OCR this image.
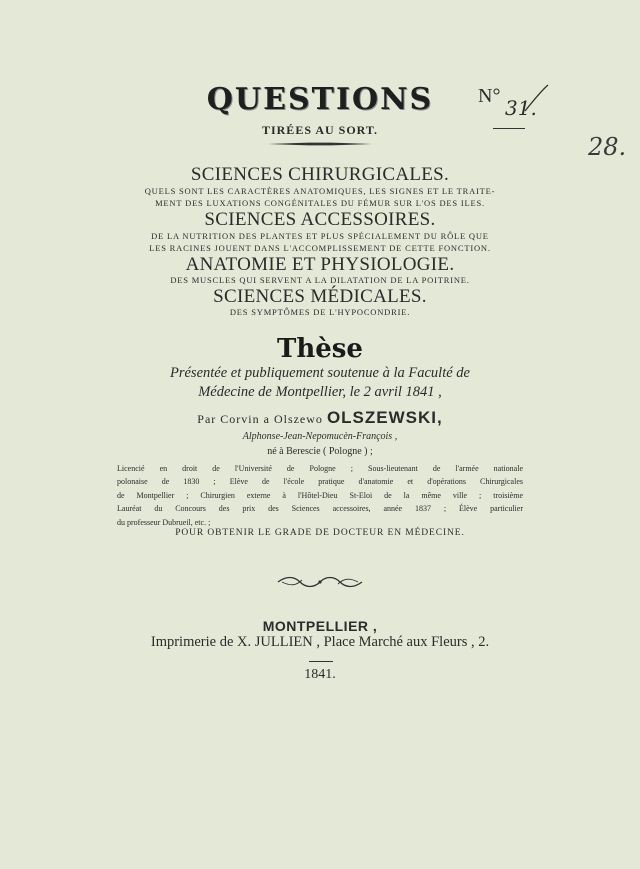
QUESTIONS
TIRÉES AU SORT.
N° 31.
28.
SCIENCES CHIRURGICALES.
QUELS SONT LES CARACTÈRES ANATOMIQUES, LES SIGNES ET LE TRAITE-
MENT DES LUXATIONS CONGÉNITALES DU FÉMUR SUR L'OS DES ILES.
SCIENCES ACCESSOIRES.
DE LA NUTRITION DES PLANTES ET PLUS SPÉCIALEMENT DU RÔLE QUE
LES RACINES JOUENT DANS L'ACCOMPLISSEMENT DE CETTE FONCTION.
ANATOMIE ET PHYSIOLOGIE.
DES MUSCLES QUI SERVENT A LA DILATATION DE LA POITRINE.
SCIENCES MÉDICALES.
DES SYMPTÔMES DE L'HYPOCONDRIE.
Thèse
Présentée et publiquement soutenue à la Faculté de
Médecine de Montpellier, le 2 avril 1841 ,
Par Corvin a Olszewo OLSZEWSKI,
Alphonse-Jean-Nepomucèn-François ,
né à Berescie ( Pologne ) ;
Licencié en droit de l'Université de Pologne ; Sous-lieutenant de l'armée nationale
polonaise de 1830 ; Elève de l'école pratique d'anatomie et d'opérations Chirurgicales
de Montpellier ; Chirurgien externe à l'Hôtel-Dieu St-Eloi de la même ville ; troisième
Lauréat du Concours des prix des Sciences accessoires, année 1837 ; Élève particulier
du professeur Dubrueil, etc. ;
POUR OBTENIR LE GRADE DE DOCTEUR EN MÉDECINE.
MONTPELLIER ,
Imprimerie de X. JULLIEN , Place Marché aux Fleurs , 2.
1841.
